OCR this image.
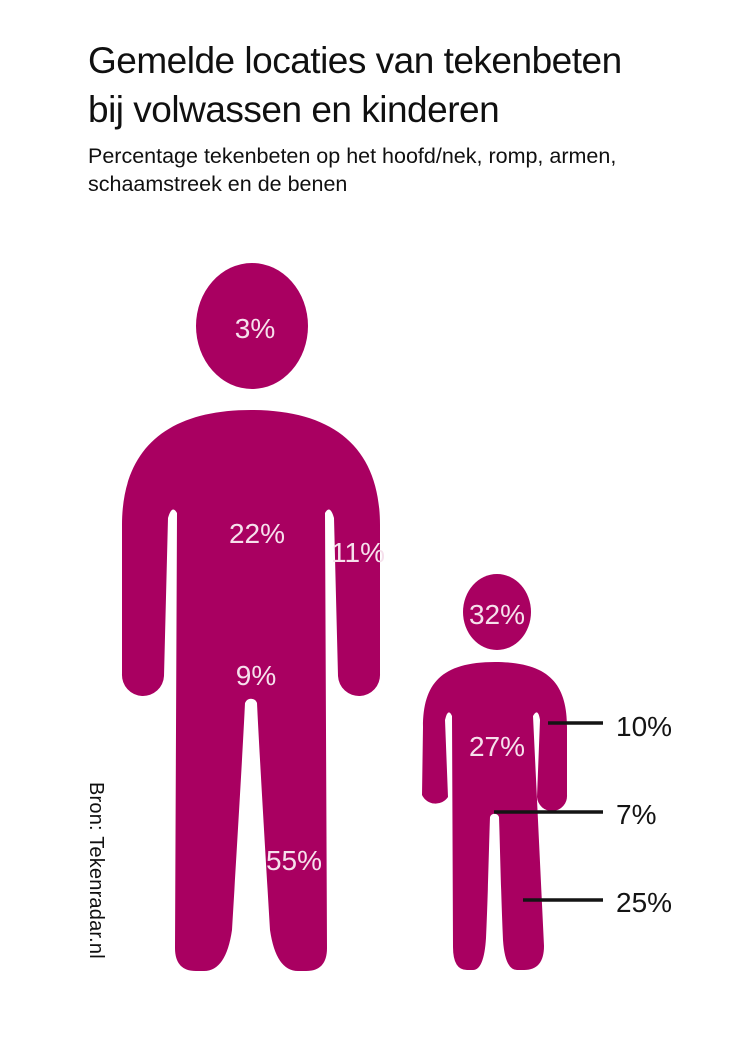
Gemelde locaties van tekenbeten
bij volwassen en kinderen
Percentage tekenbeten op het hoofd/nek, romp, armen,
schaamstreek en de benen
Bron: Tekenradar.nl
3%
22%
11%
9%
55%
32%
27%
10%
7%
25%
